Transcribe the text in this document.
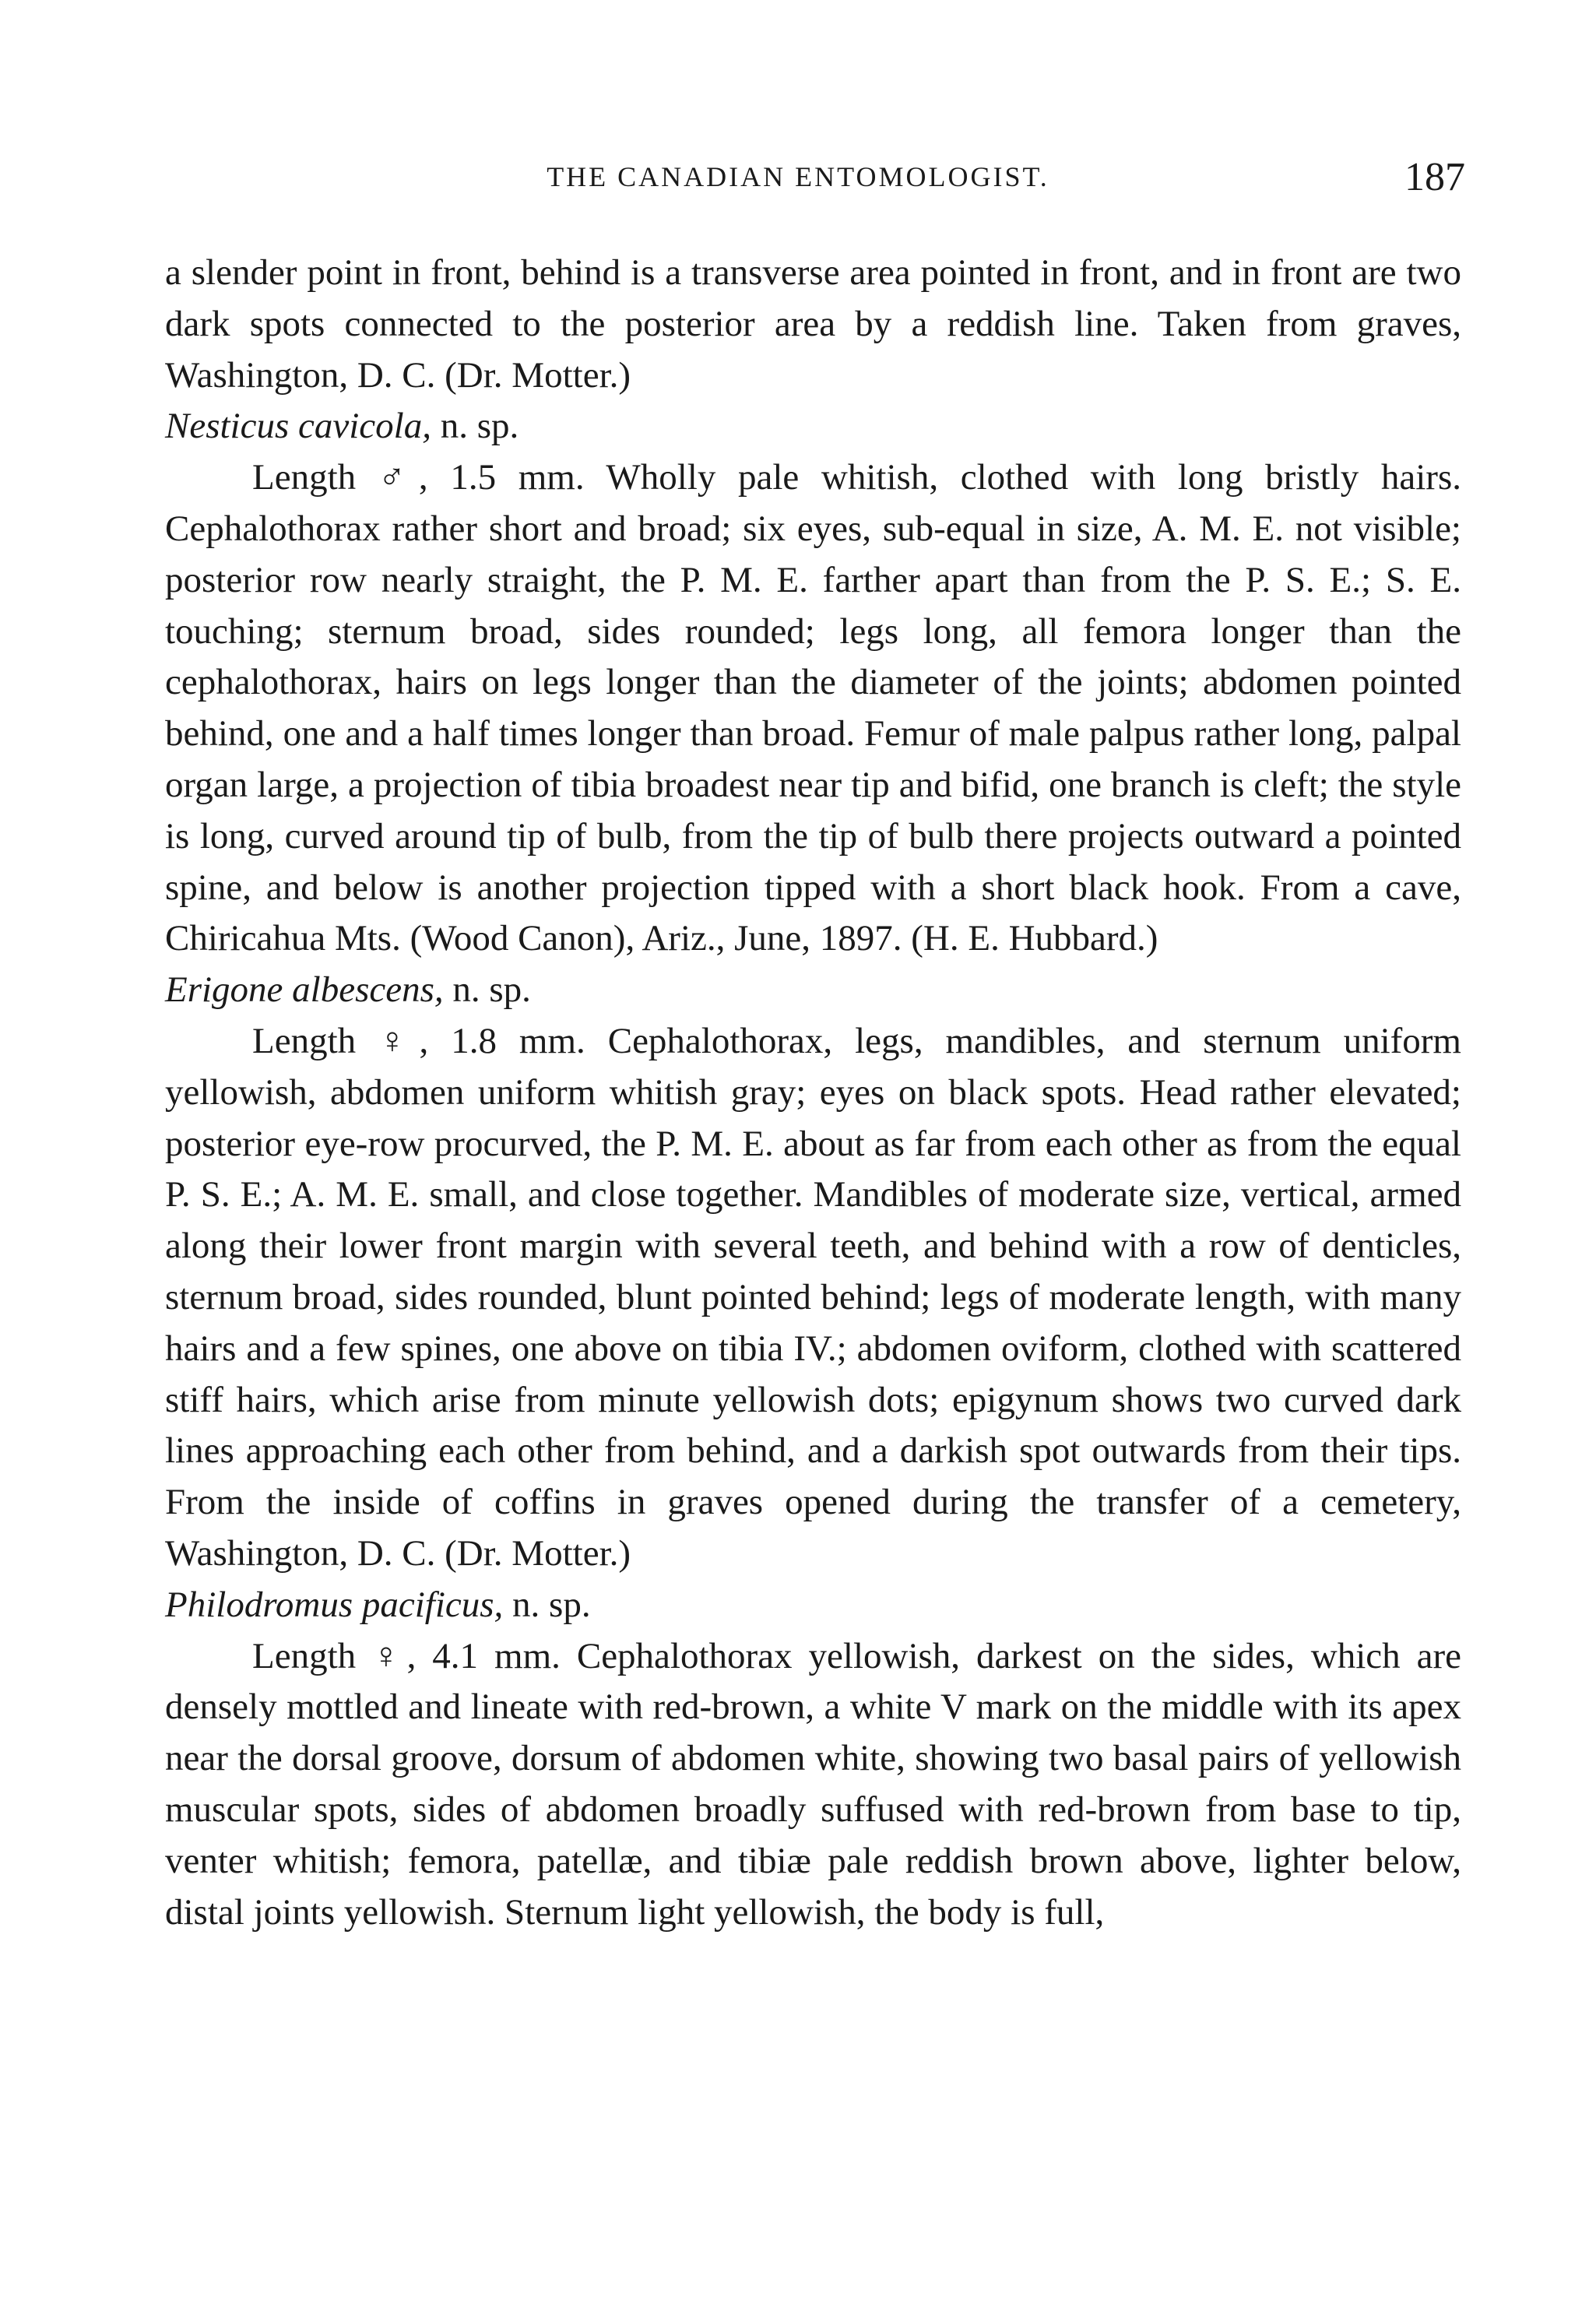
THE CANADIAN ENTOMOLOGIST.	187

a slender point in front, behind is a transverse area pointed in front, and in front are two dark spots connected to the posterior area by a reddish line. Taken from graves, Washington, D. C. (Dr. Motter.)

Nesticus cavicola, n. sp.

Length ♂, 1.5 mm. Wholly pale whitish, clothed with long bristly hairs. Cephalothorax rather short and broad; six eyes, sub-equal in size, A. M. E. not visible; posterior row nearly straight, the P. M. E. farther apart than from the P. S. E.; S. E. touching; sternum broad, sides rounded; legs long, all femora longer than the cephalothorax, hairs on legs longer than the diameter of the joints; abdomen pointed behind, one and a half times longer than broad. Femur of male palpus rather long, palpal organ large, a projection of tibia broadest near tip and bifid, one branch is cleft; the style is long, curved around tip of bulb, from the tip of bulb there projects outward a pointed spine, and below is another projection tipped with a short black hook. From a cave, Chiricahua Mts. (Wood Canon), Ariz., June, 1897. (H. E. Hubbard.)

Erigone albescens, n. sp.

Length ♀, 1.8 mm. Cephalothorax, legs, mandibles, and sternum uniform yellowish, abdomen uniform whitish gray; eyes on black spots. Head rather elevated; posterior eye-row procurved, the P. M. E. about as far from each other as from the equal P. S. E.; A. M. E. small, and close together. Mandibles of moderate size, vertical, armed along their lower front margin with several teeth, and behind with a row of denticles, sternum broad, sides rounded, blunt pointed behind; legs of moderate length, with many hairs and a few spines, one above on tibia IV.; abdomen oviform, clothed with scattered stiff hairs, which arise from minute yellowish dots; epigynum shows two curved dark lines approaching each other from behind, and a darkish spot outwards from their tips. From the inside of coffins in graves opened during the transfer of a cemetery, Washington, D. C. (Dr. Motter.)

Philodromus pacificus, n. sp.

Length ♀, 4.1 mm. Cephalothorax yellowish, darkest on the sides, which are densely mottled and lineate with red-brown, a white V mark on the middle with its apex near the dorsal groove, dorsum of abdomen white, showing two basal pairs of yellowish muscular spots, sides of abdomen broadly suffused with red-brown from base to tip, venter whitish; femora, patellæ, and tibiæ pale reddish brown above, lighter below, distal joints yellowish. Sternum light yellowish, the body is full,
